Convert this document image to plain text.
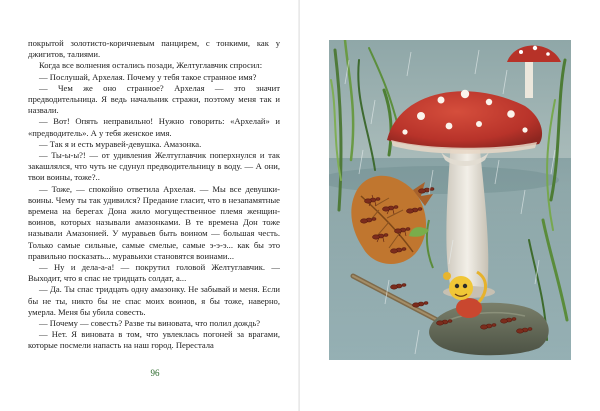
покрытой золотисто-коричневым панцирем, с тонкими, как у джигитов, талиями.

Когда все волнения остались позади, Желтуглавчик спросил:

— Послушай, Архелая. Почему у тебя такое странное имя?

— Чем же оно странное? Архелая — это значит предводительница. Я ведь начальник стражи, поэтому меня так и назвали.

— Вот! Опять неправильно! Нужно говорить: «Архелай» и «предводитель». А у тебя женское имя.

— Так я и есть муравей-девушка. Амазонка.

— Ты-ы-ы?! — от удивления Желтуглавчик поперхнулся и так закашлялся, что чуть не сдунул предводительницу в воду. — А они, твои воины, тоже?..

— Тоже, — спокойно ответила Архелая. — Мы все девушки-воины. Чему ты так удивился? Предание гласит, что в незапамятные времена на берегах Дона жило могущественное племя женщин-воинов, которых называли амазонками. В те времена Дон тоже называли Амазонией. У муравьев быть воином — большая честь. Только самые сильные, самые смелые, самые э-э-э... как бы это правильно посказать... муравьихи становятся воинами...

— Ну и дела-а-а! — покрутил головой Желтуглавчик. — Выходит, что я спас не тридцать солдат, а...

— Да. Ты спас тридцать одну амазонку. Не забывай и меня. Если бы не ты, никто бы не спас моих воинов, я бы тоже, наверно, умерла. Меня бы убила совесть.

— Почему — совесть? Разве ты виновата, что полил дождь?

— Нет. Я виновата в том, что увлеклась погоней за врагами, которые посмели напасть на наш город. Перестала

96
